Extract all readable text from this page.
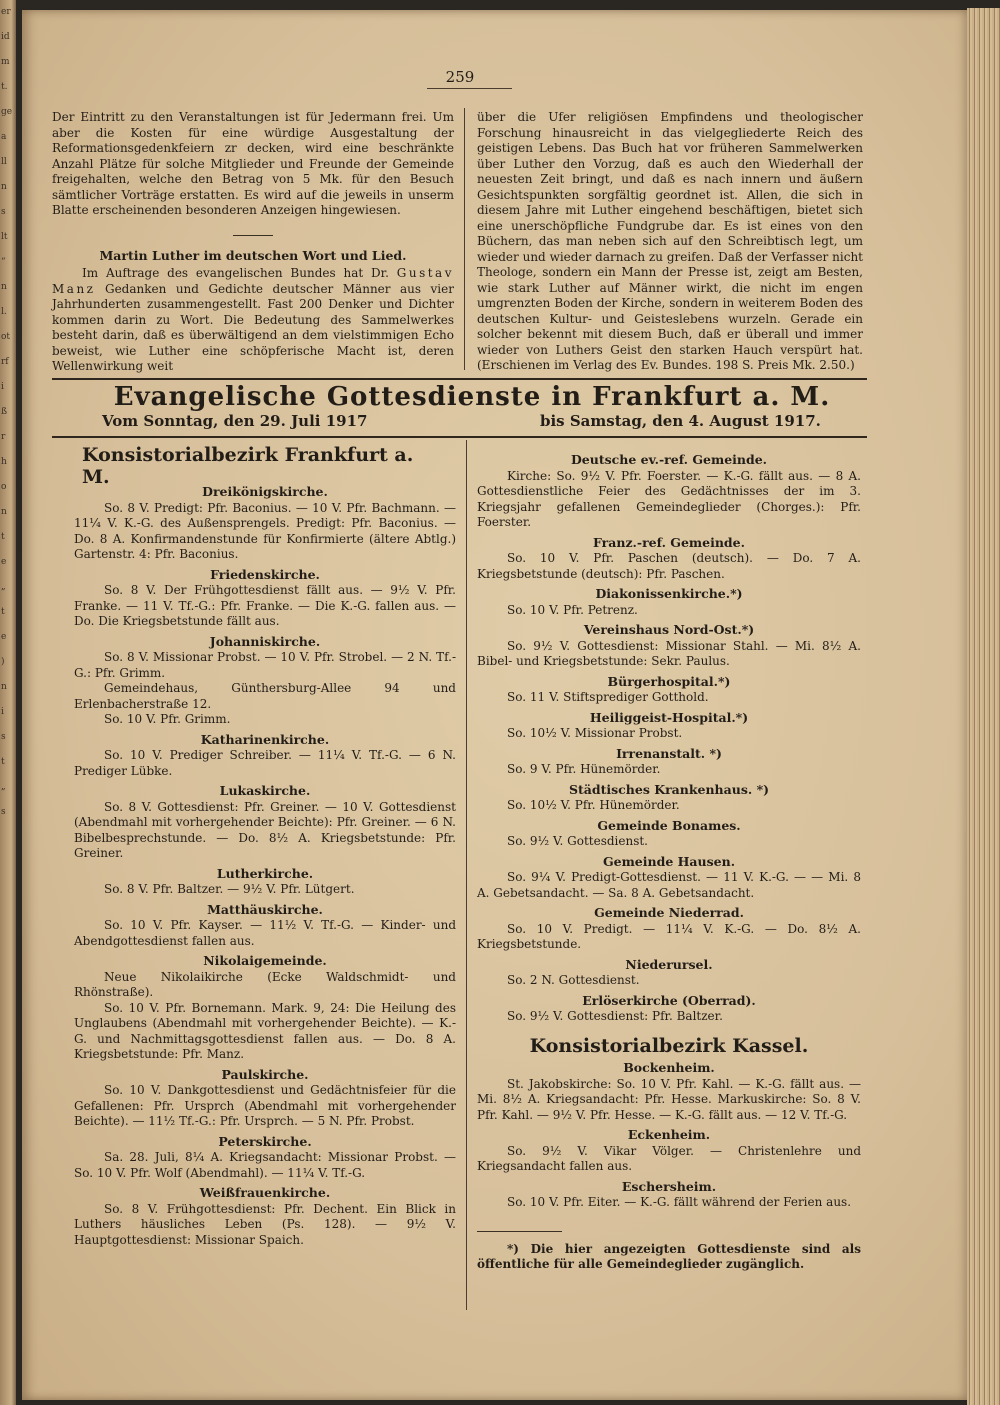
er
id
m
t.
ge
a
ll
n
s
lt
“
n
l.
ot
rf
i
ß
r
h
o
n
t
e
„
t
e
)
n
i
s
t
„
s
259

Der Eintritt zu den Veranstaltungen ist für Jedermann frei. Um aber die Kosten für eine würdige Ausgestaltung der Reformationsgedenkfeiern zr decken, wird eine beschränkte Anzahl Plätze für solche Mitglieder und Freunde der Gemeinde freigehalten, welche den Betrag von 5 Mk. für den Besuch sämtlicher Vorträge erstatten. Es wird auf die jeweils in unserm Blatte erscheinenden besonderen Anzeigen hingewiesen.

Martin Luther im deutschen Wort und Lied.

Im Auftrage des evangelischen Bundes hat Dr. Gustav Manz Gedanken und Gedichte deutscher Männer aus vier Jahrhunderten zusammengestellt. Fast 200 Denker und Dichter kommen darin zu Wort. Die Bedeutung des Sammelwerkes besteht darin, daß es überwältigend an dem vielstimmigen Echo beweist, wie Luther eine schöpferische Macht ist, deren Wellenwirkung weit

über die Ufer religiösen Empfindens und theologischer Forschung hinausreicht in das vielgegliederte Reich des geistigen Lebens. Das Buch hat vor früheren Sammelwerken über Luther den Vorzug, daß es auch den Wiederhall der neuesten Zeit bringt, und daß es nach innern und äußern Gesichtspunkten sorgfältig geordnet ist. Allen, die sich in diesem Jahre mit Luther eingehend beschäftigen, bietet sich eine unerschöpfliche Fundgrube dar. Es ist eines von den Büchern, das man neben sich auf den Schreibtisch legt, um wieder und wieder darnach zu greifen. Daß der Verfasser nicht Theologe, sondern ein Mann der Presse ist, zeigt am Besten, wie stark Luther auf Männer wirkt, die nicht im engen umgrenzten Boden der Kirche, sondern in weiterem Boden des deutschen Kultur- und Geisteslebens wurzeln. Gerade ein solcher bekennt mit diesem Buch, daß er überall und immer wieder von Luthers Geist den starken Hauch verspürt hat. (Erschienen im Verlag des Ev. Bundes. 198 S. Preis Mk. 2.50.)

Evangelische Gottesdienste in Frankfurt a. M.
Vom Sonntag, den 29. Juli 1917	bis Samstag, den 4. August 1917.
Konsistorialbezirk Frankfurt a. M.
Dreikönigskirche.

So. 8 V. Predigt: Pfr. Baconius. — 10 V. Pfr. Bachmann. — 11¼ V. K.-G. des Außensprengels. Predigt: Pfr. Baconius. — Do. 8 A. Konfirmandenstunde für Konfirmierte (ältere Abtlg.) Gartenstr. 4: Pfr. Baconius.

Friedenskirche.

So. 8 V. Der Frühgottesdienst fällt aus. — 9½ V. Pfr. Franke. — 11 V. Tf.-G.: Pfr. Franke. — Die K.-G. fallen aus. — Do. Die Kriegsbetstunde fällt aus.

Johanniskirche.

So. 8 V. Missionar Probst. — 10 V. Pfr. Strobel. — 2 N. Tf.-G.: Pfr. Grimm.

Gemeindehaus, Günthersburg-Allee 94 und Erlenbacherstraße 12.

So. 10 V. Pfr. Grimm.

Katharinenkirche.

So. 10 V. Prediger Schreiber. — 11¼ V. Tf.-G. — 6 N. Prediger Lübke.

Lukaskirche.

So. 8 V. Gottesdienst: Pfr. Greiner. — 10 V. Gottesdienst (Abendmahl mit vorhergehender Beichte): Pfr. Greiner. — 6 N. Bibelbesprechstunde. — Do. 8½ A. Kriegsbetstunde: Pfr. Greiner.

Lutherkirche.

So. 8 V. Pfr. Baltzer. — 9½ V. Pfr. Lütgert.

Matthäuskirche.

So. 10 V. Pfr. Kayser. — 11½ V. Tf.-G. — Kinder- und Abendgottesdienst fallen aus.

Nikolaigemeinde.

Neue Nikolaikirche (Ecke Waldschmidt- und Rhönstraße).

So. 10 V. Pfr. Bornemann. Mark. 9, 24: Die Heilung des Unglaubens (Abendmahl mit vorhergehender Beichte). — K.-G. und Nachmittagsgottesdienst fallen aus. — Do. 8 A. Kriegsbetstunde: Pfr. Manz.

Paulskirche.

So. 10 V. Dankgottesdienst und Gedächtnisfeier für die Gefallenen: Pfr. Ursprch (Abendmahl mit vorhergehender Beichte). — 11½ Tf.-G.: Pfr. Ursprch. — 5 N. Pfr. Probst.

Peterskirche.

Sa. 28. Juli, 8¼ A. Kriegsandacht: Missionar Probst. — So. 10 V. Pfr. Wolf (Abendmahl). — 11¼ V. Tf.-G.

Weißfrauenkirche.

So. 8 V. Frühgottesdienst: Pfr. Dechent. Ein Blick in Luthers häusliches Leben (Ps. 128). — 9½ V. Hauptgottesdienst: Missionar Spaich.

Deutsche ev.-ref. Gemeinde.

Kirche: So. 9½ V. Pfr. Foerster. — K.-G. fällt aus. — 8 A. Gottesdienstliche Feier des Gedächtnisses der im 3. Kriegsjahr gefallenen Gemeindeglieder (Chorges.): Pfr. Foerster.

Franz.-ref. Gemeinde.

So. 10 V. Pfr. Paschen (deutsch). — Do. 7 A. Kriegsbetstunde (deutsch): Pfr. Paschen.

Diakonissenkirche.*)

So. 10 V. Pfr. Petrenz.

Vereinshaus Nord-Ost.*)

So. 9½ V. Gottesdienst: Missionar Stahl. — Mi. 8½ A. Bibel- und Kriegsbetstunde: Sekr. Paulus.

Bürgerhospital.*)

So. 11 V. Stiftsprediger Gotthold.

Heiliggeist-Hospital.*)

So. 10½ V. Missionar Probst.

Irrenanstalt. *)

So. 9 V. Pfr. Hünemörder.

Städtisches Krankenhaus. *)

So. 10½ V. Pfr. Hünemörder.

Gemeinde Bonames.

So. 9½ V. Gottesdienst.

Gemeinde Hausen.

So. 9¼ V. Predigt-Gottesdienst. — 11 V. K.-G. — — Mi. 8 A. Gebetsandacht. — Sa. 8 A. Gebetsandacht.

Gemeinde Niederrad.

So. 10 V. Predigt. — 11¼ V. K.-G. — Do. 8½ A. Kriegsbetstunde.

Niederursel.

So. 2 N. Gottesdienst.

Erlöserkirche (Oberrad).

So. 9½ V. Gottesdienst: Pfr. Baltzer.

Konsistorialbezirk Kassel.
Bockenheim.

St. Jakobskirche: So. 10 V. Pfr. Kahl. — K.-G. fällt aus. — Mi. 8½ A. Kriegsandacht: Pfr. Hesse. Markuskirche: So. 8 V. Pfr. Kahl. — 9½ V. Pfr. Hesse. — K.-G. fällt aus. — 12 V. Tf.-G.

Eckenheim.

So. 9½ V. Vikar Völger. — Christenlehre und Kriegsandacht fallen aus.

Eschersheim.

So. 10 V. Pfr. Eiter. — K.-G. fällt während der Ferien aus.

*) Die hier angezeigten Gottesdienste sind als öffentliche für alle Gemeindeglieder zugänglich.
